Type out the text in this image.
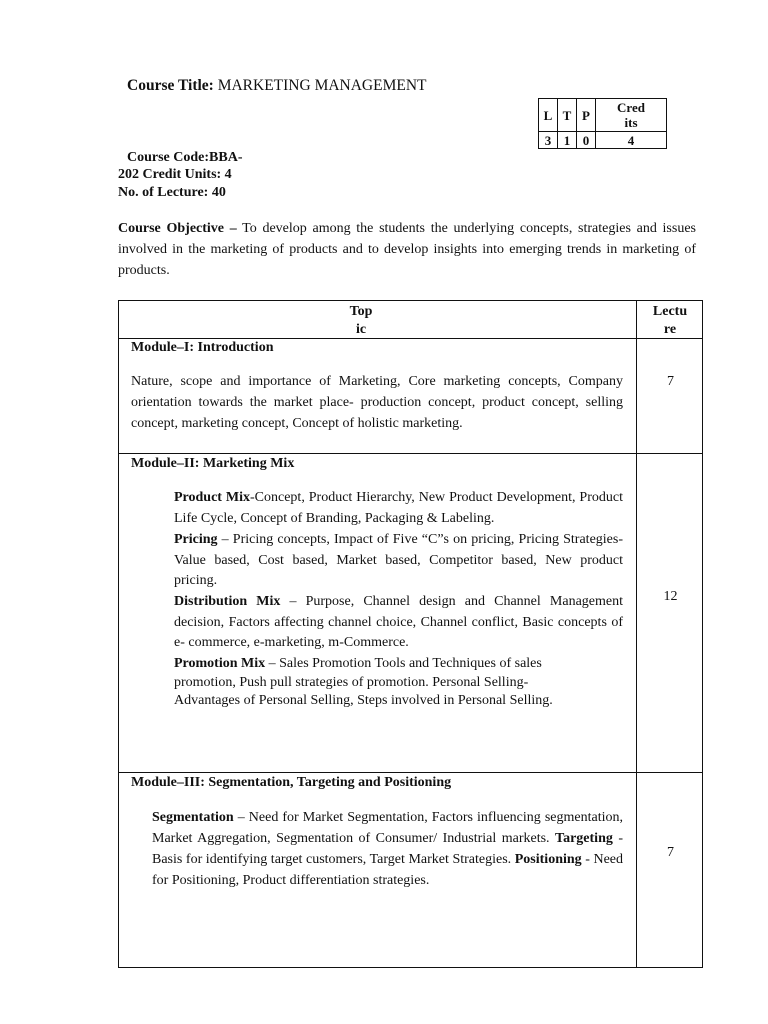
Course Title: MARKETING MANAGEMENT
L	T	P	Cred its

3	1	0	4
Course Code:BBA-
202 Credit Units: 4
No. of Lecture: 40
Course Objective – To develop among the students the underlying concepts, strategies and issues involved in the marketing of products and to develop insights into emerging trends in marketing of products.
Top ic
Lectu re
Module–I: Introduction
Nature, scope and importance of Marketing, Core marketing concepts, Company orientation towards the market place- production concept, product concept, selling concept, marketing concept, Concept of holistic marketing.
7
Module–II: Marketing Mix
Product Mix-Concept, Product Hierarchy, New Product Development, Product Life Cycle, Concept of Branding, Packaging & Labeling.
Pricing – Pricing concepts, Impact of Five “C”s on pricing, Pricing Strategies- Value based, Cost based, Market based, Competitor based, New product pricing.
Distribution Mix – Purpose, Channel design and Channel Management decision, Factors affecting channel choice, Channel conflict, Basic concepts of e- commerce, e-marketing, m-Commerce.
Promotion Mix – Sales Promotion Tools and Techniques of sales promotion, Push pull strategies of promotion. Personal Selling- Advantages of Personal Selling, Steps involved in Personal Selling.
12
Module–III: Segmentation, Targeting and Positioning
Segmentation – Need for Market Segmentation, Factors influencing segmentation, Market Aggregation, Segmentation of Consumer/ Industrial markets. Targeting - Basis for identifying target customers, Target Market Strategies. Positioning - Need for Positioning, Product differentiation strategies.
7
